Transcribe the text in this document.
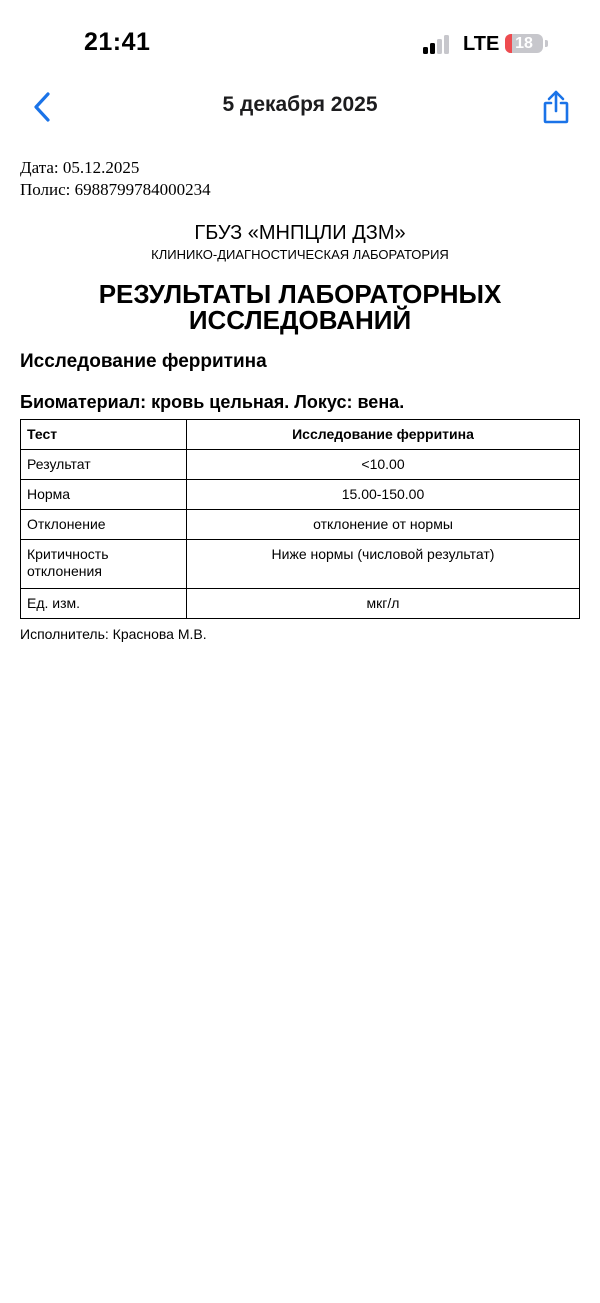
21:41	LTE 18
5 декабря 2025

Дата: 05.12.2025

Полис: 6988799784000234

ГБУЗ «МНПЦЛИ ДЗМ»
КЛИНИКО-ДИАГНОСТИЧЕСКАЯ ЛАБОРАТОРИЯ
РЕЗУЛЬТАТЫ ЛАБОРАТОРНЫХ ИССЛЕДОВАНИЙ
Исследование ферритина
Биоматериал: кровь цельная. Локус: вена.
Тест	Исследование ферритина
Результат	<10.00
Норма	15.00-150.00
Отклонение	отклонение от нормы
Критичность отклонения	Ниже нормы (числовой результат)
Ед. изм.	мкг/л
Исполнитель: Краснова М.В.
